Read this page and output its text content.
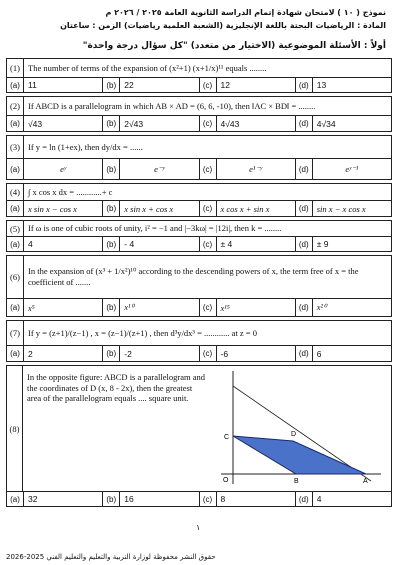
نموذج ( ١٠ ) لامتحان شهادة إتمام الدراسة الثانوية العامة ٢٠٢٥ / ٢٠٢٦ م
المادة : الرياضيات البحتة باللغة الإنجليزية (الشعبة العلمية رياضيات) الزمن : ساعتان
أولاً : الأسئلة الموضوعية (الاختيار من متعدد) "كل سؤال درجة واحدة"
(1) The number of terms of the expansion of (x²+1) (x+1/x)¹¹ equals ........
(a) 11	(b) 22	(c) 12	(d) 13
(2) If ABCD is a parallelogram in which AB × AD = (6, 6, -10), then ‖AC × BD‖ = ........
(a) √43	(b) 2√43	(c) 4√43	(d) 4√34
(3) If y = ln (1+ex), then dy/dx = ......
(a)	eʸ	(b)	e⁻ʸ	(c)	e¹⁻ʸ	(d)	eʸ⁻¹
(4) ∫ x cos x dx = ............+ c
(a) x sin x − cos x	(b) x sin x + cos x	(c) x cos x + sin x	(d) sin x − x cos x
(5) If ω is one of cubic roots of unity, i² = −1 and |−3kω| = |12i|, then k = ........
(a) 4	(b) - 4	(c) ± 4	(d) ± 9
(6)
In the expansion of (x³ + 1/x²)¹⁰ according to the descending powers of x, the term free of x = the coefficient of .......
(a) x⁵	(b) x¹⁰	(c) x¹⁵	(d) x²⁰
(7) If y = (z+1)/(z−1) , x = (z−1)/(z+1) , then d³y/dx³ = ............ at z = 0
(a) 2	(b) -2	(c) -6	(d) 6
(8)
In the opposite figure: ABCD is a parallelogram and the coordinates of D (x, 8 - 2x), then the greatest area of the parallelogram equals .... square unit.
C	D
O	B	A
(a) 32	(b) 16	(c) 8	(d) 4
١
حقوق النشر محفوظة لوزارة التربية والتعليم والتعليم الفني 2025-2026
